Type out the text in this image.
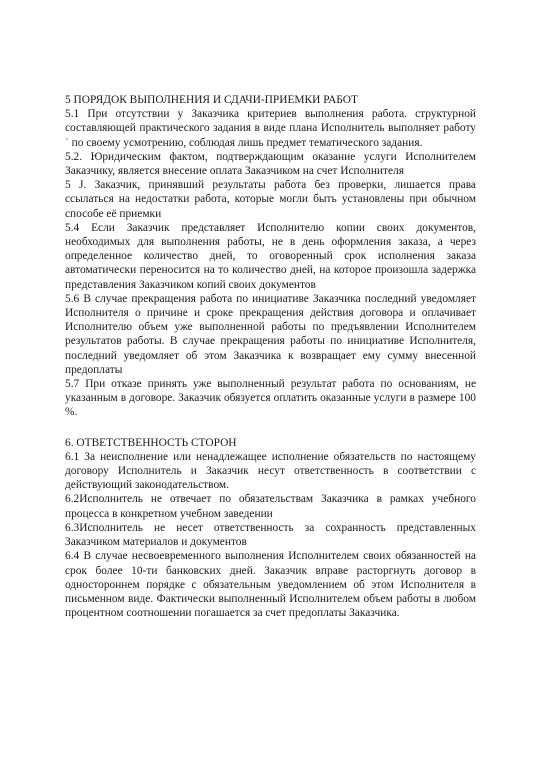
5 ПОРЯДОК ВЫПОЛНЕНИЯ И СДАЧИ-ПРИЕМКИ РАБОТ

5.1 При отсутствии у Заказчика критериев выполнения работа. структурной составляющей практического задания в виде плана Исполнитель выполняет работу ˙ по своему усмотрению, соблюдая лишь предмет тематического задания.

5.2. Юридическим фактом, подтверждающим оказание услуги Исполнителем Заказчику, является внесение оплата Заказчиком на счет Исполнителя

5 J. Заказчик, принявший результаты работа без проверки, лишается права ссылаться на недостатки работа, которые могли быть установлены при обычном способе её приемки

5.4 Если Заказчик представляет Исполнителю копии своих документов, необходимых для выполнения работы, не в день оформления заказа, а через определенное количество дней, то оговоренный срок исполнения заказа автоматически переносится на то количество дней, на которое произошла задержка представления Заказчиком копий своих документов

5.6 В случае прекращения работа по инициативе Заказчика последний уведомляет Исполнителя о причине и сроке прекращения действия договора и оплачивает Исполнителю объем уже выполненной работы по предъявлении Исполнителем результатов работы. В случае прекращения работы по инициативе Исполнителя, последний уведомляет об этом Заказчика к возвращает ему сумму внесенной предоплаты

5.7 При отказе принять уже выполненный результат работа по основаниям, не указанным в договоре. Заказчик обязуется оплатить оказанные услуги в размере 100 %.

6. ОТВЕТСТВЕННОСТЬ СТОРОН

6.1 За неисполнение или ненадлежащее исполнение обязательств по настоящему договору Исполнитель и Заказчик несут ответственность в соответствии с действующий законодательством.

6.2Исполнитель не отвечает по обязательствам Заказчика в рамках учебного процесса в конкретном учебном заведении

6.3Исполнитель не несет ответственность за сохранность представленных Заказчиком материалов и документов

6.4 В случае несвоевременного выполнения Исполнителем своих обязанностей на срок более 10-ти банковских дней. Заказчик вправе расторгнуть договор в одностороннем порядке с обязательным уведомлением об этом Исполнителя в письменном виде. Фактически выполненный Исполнителем объем работы в любом процентном соотношении погашается за счет предоплаты Заказчика.
